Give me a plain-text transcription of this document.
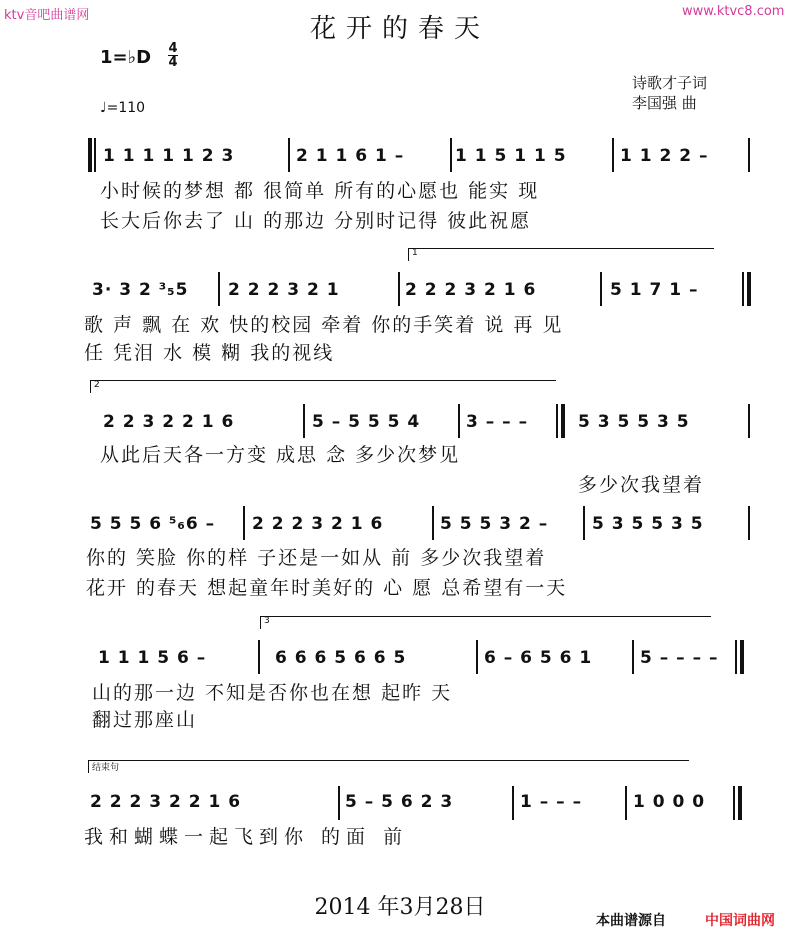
ktv音吧曲谱网	www.ktvc8.com
花开的春天
1=♭D 4
4
♩=110
诗歌才子词
李国强 曲
1 1 1 1 1 2 3	2 1 1 6 1 –	1 1 5 1 1 5	1 1 2 2 –
小时候的梦想 都 很简单 所有的心愿也 能实 现
长大后你去了 山 的那边 分别时记得 彼此祝愿
1
3· 3 2 ³₅5 2 2 2 3 2 1	2 2 2 3 2 1 6	5 1 7 1 –
歌 声 飘 在 欢 快的校园 牵着 你的手笑着 说 再 见
任 凭泪 水 模 糊 我的视线
2
2 2 3 2 2 1 6	5 – 5 5 5 4	3 – – –	5 3 5 5 3 5
从此后天各一方变 成思 念 多少次梦见
多少次我望着
5 5 5 6 ⁵₆6 – 2 2 2 3 2 1 6	5 5 5 3 2 –	5 3 5 5 3 5
你的 笑脸 你的样 子还是一如从 前 多少次我望着
花开 的春天 想起童年时美好的 心 愿 总希望有一天
3
1 1 1 5 6 –	6 6 6 5 6 6 5	6 – 6 5 6 1	5 – – – –
山的那一边 不知是否你也在想 起昨 天
翻过那座山
结束句
2 2 2 3 2 2 1 6	5 – 5 6 2 3	1 – – –	1 0 0 0
我和蝴蝶一起飞到你 的面 前
2014 年3月28日
本曲谱源自	中国词曲网
